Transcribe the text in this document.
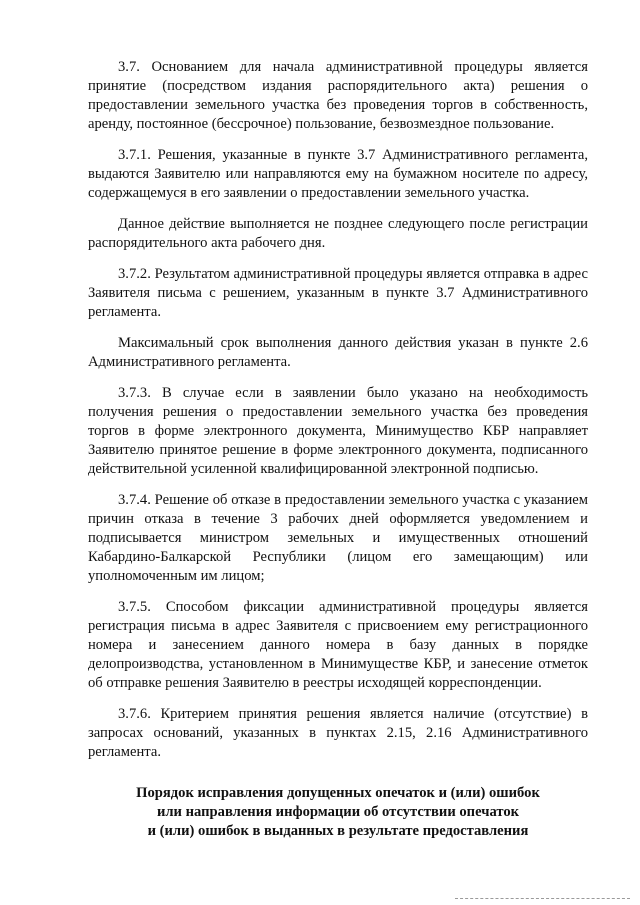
3.7. Основанием для начала административной процедуры является принятие (посредством издания распорядительного акта) решения о предоставлении земельного участка без проведения торгов в собственность, аренду, постоянное (бессрочное) пользование, безвозмездное пользование.

3.7.1. Решения, указанные в пункте 3.7 Административного регламента, выдаются Заявителю или направляются ему на бумажном носителе по адресу, содержащемуся в его заявлении о предоставлении земельного участка.

Данное действие выполняется не позднее следующего после регистрации распорядительного акта рабочего дня.

3.7.2. Результатом административной процедуры является отправка в адрес Заявителя письма с решением, указанным в пункте 3.7 Административного регламента.

Максимальный срок выполнения данного действия указан в пункте 2.6 Административного регламента.

3.7.3. В случае если в заявлении было указано на необходимость получения решения о предоставлении земельного участка без проведения торгов в форме электронного документа, Минимущество КБР направляет Заявителю принятое решение в форме электронного документа, подписанного действительной усиленной квалифицированной электронной подписью.

3.7.4. Решение об отказе в предоставлении земельного участка с указанием причин отказа в течение 3 рабочих дней оформляется уведомлением и подписывается министром земельных и имущественных отношений Кабардино-Балкарской Республики (лицом его замещающим) или уполномоченным им лицом;

3.7.5. Способом фиксации административной процедуры является регистрация письма в адрес Заявителя с присвоением ему регистрационного номера и занесением данного номера в базу данных в порядке делопроизводства, установленном в Минимуществе КБР, и занесение отметок об отправке решения Заявителю в реестры исходящей корреспонденции.

3.7.6. Критерием принятия решения является наличие (отсутствие) в запросах оснований, указанных в пунктах 2.15, 2.16 Административного регламента.

Порядок исправления допущенных опечаток и (или) ошибок
или направления информации об отсутствии опечаток
и (или) ошибок в выданных в результате предоставления
